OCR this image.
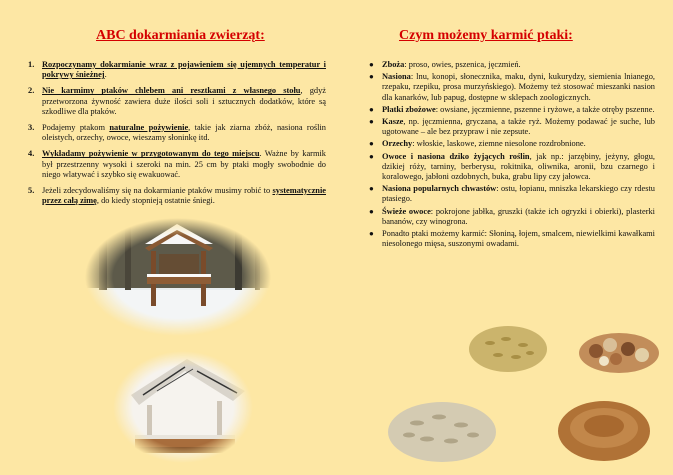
ABC dokarmiania zwierząt:	Czym możemy karmić ptaki:
1. Rozpoczynamy dokarmianie wraz z pojawieniem się ujemnych temperatur i pokrywy śnieżnej.
2. Nie karmimy ptaków chlebem ani resztkami z własnego stołu, gdyż przetworzona żywność zawiera duże ilości soli i sztucznych dodatków, które są szkodliwe dla ptaków.
3. Podajemy ptakom naturalne pożywienie, takie jak ziarna zbóż, nasiona roślin oleistych, orzechy, owoce, wieszamy słoninkę itd.
4. Wykładamy pożywienie w przygotowanym do tego miejscu. Ważne by karmik był przestrzenny wysoki i szeroki na min. 25 cm by ptaki mogły swobodnie do niego wlatywać i szybko się ewakuować.
5. Jeżeli zdecydowaliśmy się na dokarmianie ptaków musimy robić to systematycznie przez całą zimę, do kiedy stopnieją ostatnie śniegi.
● Zboża: proso, owies, pszenica, jęczmień.
● Nasiona: lnu, konopi, słonecznika, maku, dyni, kukurydzy, siemienia lnianego, rzepaku, rzepiku, prosa murzyńskiego). Możemy też stosować mieszanki nasion dla kanarków, lub papug, dostępne w sklepach zoologicznych.
● Płatki zbożowe: owsiane, jęczmienne, pszenne i ryżowe, a także otręby pszenne.
● Kasze, np. jęczmienna, gryczana, a także ryż. Możemy podawać je suche, lub ugotowane – ale bez przypraw i nie zepsute.
● Orzechy: włoskie, laskowe, ziemne niesolone rozdrobnione.
● Owoce i nasiona dziko żyjących roślin, jak np.: jarzębiny, jeżyny, głogu, dzikiej róży, tarniny, berberysu, rokitnika, oliwnika, aronii, bzu czarnego i koralowego, jabłoni ozdobnych, buka, grabu lipy czy jałowca.
● Nasiona popularnych chwastów: ostu, łopianu, mniszka lekarskiego czy rdestu ptasiego.
● Świeże owoce: pokrojone jabłka, gruszki (także ich ogryzki i obierki), plasterki bananów, czy winogrona.
● Ponadto ptaki możemy karmić: Słoniną, łojem, smalcem, niewielkimi kawałkami niesolonego mięsa, suszonymi owadami.
